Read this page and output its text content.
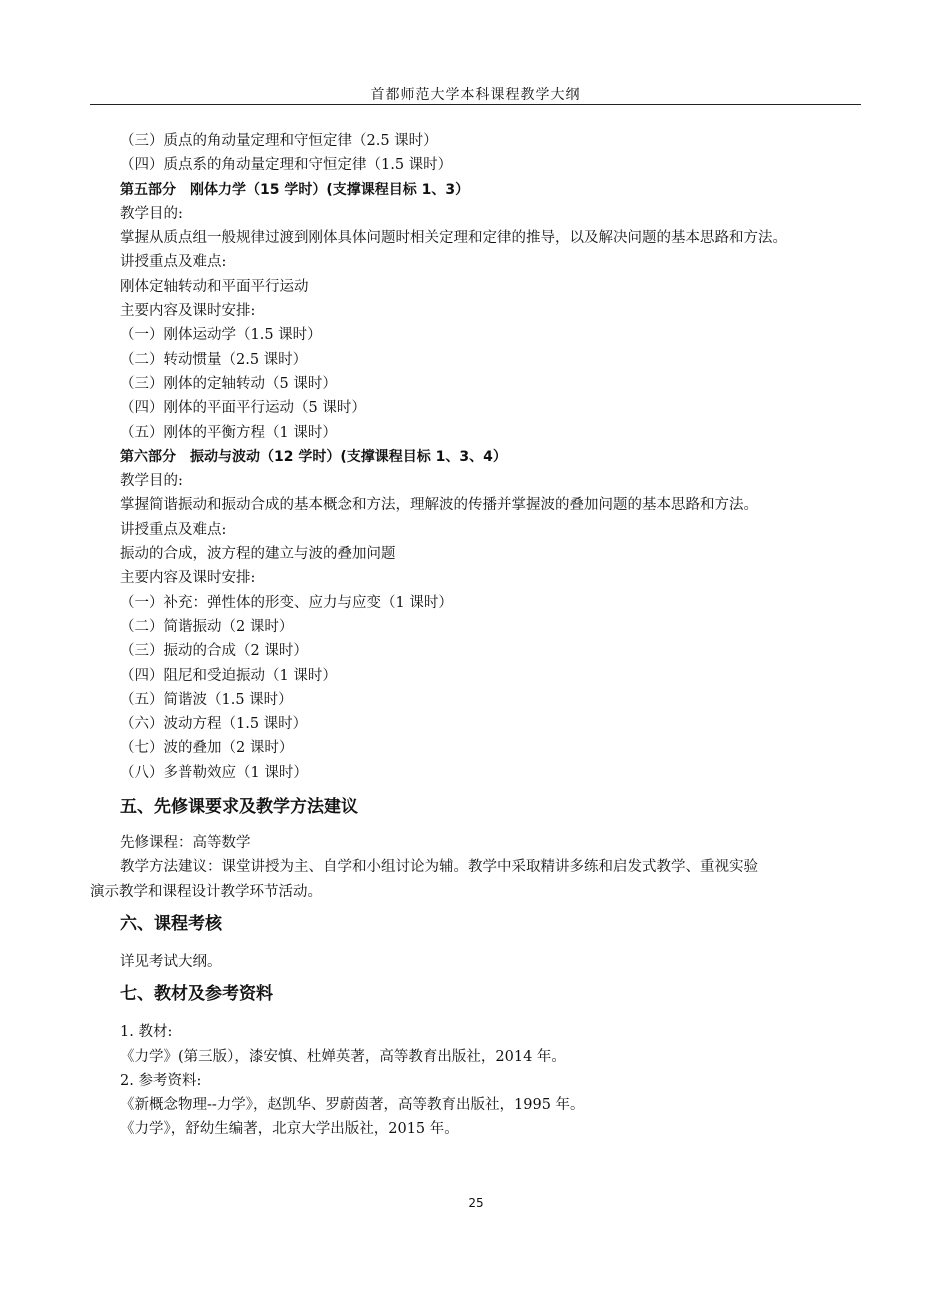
首都师范大学本科课程教学大纲
（三）质点的角动量定理和守恒定律（2.5 课时）
（四）质点系的角动量定理和守恒定律（1.5 课时）
第五部分　刚体力学（15 学时）(支撑课程目标 1、3）
教学目的:
掌握从质点组一般规律过渡到刚体具体问题时相关定理和定律的推导，以及解决问题的基本思路和方法。
讲授重点及难点:
刚体定轴转动和平面平行运动
主要内容及课时安排:
（一）刚体运动学（1.5 课时）
（二）转动惯量（2.5 课时）
（三）刚体的定轴转动（5 课时）
（四）刚体的平面平行运动（5 课时）
（五）刚体的平衡方程（1 课时）
第六部分　振动与波动（12 学时）(支撑课程目标 1、3、4）
教学目的:
掌握简谐振动和振动合成的基本概念和方法，理解波的传播并掌握波的叠加问题的基本思路和方法。
讲授重点及难点:
振动的合成，波方程的建立与波的叠加问题
主要内容及课时安排:
（一）补充：弹性体的形变、应力与应变（1 课时）
（二）简谐振动（2 课时）
（三）振动的合成（2 课时）
（四）阻尼和受迫振动（1 课时）
（五）简谐波（1.5 课时）
（六）波动方程（1.5 课时）
（七）波的叠加（2 课时）
（八）多普勒效应（1 课时）
五、先修课要求及教学方法建议
先修课程：高等数学
教学方法建议：课堂讲授为主、自学和小组讨论为辅。教学中采取精讲多练和启发式教学、重视实验
演示教学和课程设计教学环节活动。
六、课程考核
详见考试大纲。
七、教材及参考资料
1. 教材:
《力学》(第三版），漆安慎、杜婵英著，高等教育出版社，2014 年。
2. 参考资料:
《新概念物理--力学》，赵凯华、罗蔚茵著，高等教育出版社，1995 年。
《力学》，舒幼生编著，北京大学出版社，2015 年。
25
